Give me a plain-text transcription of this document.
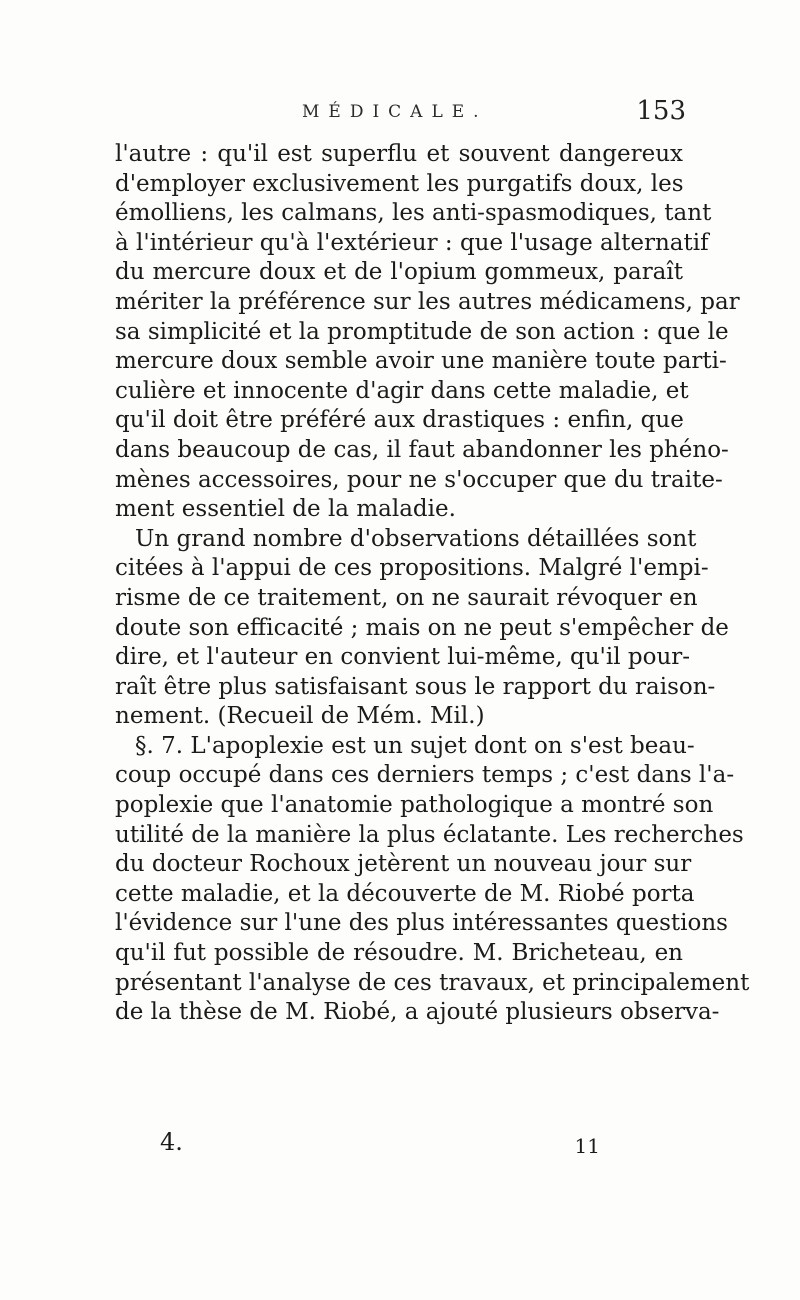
MÉDICALE.	153
l'autre : qu'il est superflu et souvent dangereux
d'employer exclusivement les purgatifs doux, les
émolliens, les calmans, les anti-spasmodiques, tant
à l'intérieur qu'à l'extérieur : que l'usage alternatif
du mercure doux et de l'opium gommeux, paraît
mériter la préférence sur les autres médicamens, par
sa simplicité et la promptitude de son action : que le
mercure doux semble avoir une manière toute parti-
culière et innocente d'agir dans cette maladie, et
qu'il doit être préféré aux drastiques : enfin, que
dans beaucoup de cas, il faut abandonner les phéno-
mènes accessoires, pour ne s'occuper que du traite-
ment essentiel de la maladie.
Un grand nombre d'observations détaillées sont
citées à l'appui de ces propositions. Malgré l'empi-
risme de ce traitement, on ne saurait révoquer en
doute son efficacité ; mais on ne peut s'empêcher de
dire, et l'auteur en convient lui-même, qu'il pour-
raît être plus satisfaisant sous le rapport du raison-
nement. (Recueil de Mém. Mil.)
§. 7. L'apoplexie est un sujet dont on s'est beau-
coup occupé dans ces derniers temps ; c'est dans l'a-
poplexie que l'anatomie pathologique a montré son
utilité de la manière la plus éclatante. Les recherches
du docteur Rochoux jetèrent un nouveau jour sur
cette maladie, et la découverte de M. Riobé porta
l'évidence sur l'une des plus intéressantes questions
qu'il fut possible de résoudre. M. Bricheteau, en
présentant l'analyse de ces travaux, et principalement
de la thèse de M. Riobé, a ajouté plusieurs observa-
4.	11
